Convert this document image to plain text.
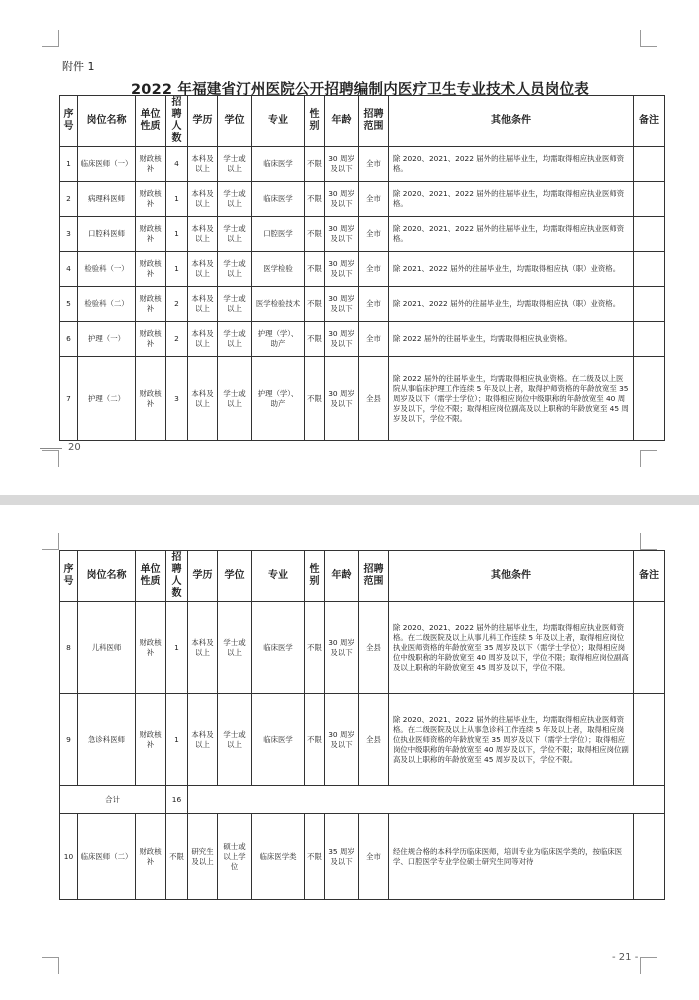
附件 1
2022 年福建省汀州医院公开招聘编制内医疗卫生专业技术人员岗位表
序号	岗位名称	单位性质	招聘人数	学历	学位	专业	性别	年龄	招聘范围	其他条件	备注
1	临床医师（一）	财政核补	4	本科及以上	学士或以上	临床医学	不限	30 周岁及以下	全市	除 2020、2021、2022 届外的往届毕业生，均需取得相应执业医师资格。	
2	病理科医师	财政核补	1	本科及以上	学士或以上	临床医学	不限	30 周岁及以下	全市	除 2020、2021、2022 届外的往届毕业生，均需取得相应执业医师资格。	
3	口腔科医师	财政核补	1	本科及以上	学士或以上	口腔医学	不限	30 周岁及以下	全市	除 2020、2021、2022 届外的往届毕业生，均需取得相应执业医师资格。	
4	检验科（一）	财政核补	1	本科及以上	学士或以上	医学检验	不限	30 周岁及以下	全市	除 2021、2022 届外的往届毕业生，均需取得相应执（职）业资格。	
5	检验科（二）	财政核补	2	本科及以上	学士或以上	医学检验技术	不限	30 周岁及以下	全市	除 2021、2022 届外的往届毕业生，均需取得相应执（职）业资格。	
6	护理（一）	财政核补	2	本科及以上	学士或以上	护理（学）、助产	不限	30 周岁及以下	全市	除 2022 届外的往届毕业生，均需取得相应执业资格。	
7	护理（二）	财政核补	3	本科及以上	学士或以上	护理（学）、助产	不限	30 周岁及以下	全县	除 2022 届外的往届毕业生，均需取得相应执业资格。在二级及以上医院从事临床护理工作连续 5 年及以上者，取得护师资格的年龄放宽至 35 周岁及以下（需学士学位）；取得相应岗位中级职称的年龄放宽至 40 周岁及以下，学位不限；取得相应岗位副高及以上职称的年龄放宽至 45 周岁及以下，学位不限。	
20
序号	岗位名称	单位性质	招聘人数	学历	学位	专业	性别	年龄	招聘范围	其他条件	备注
8	儿科医师	财政核补	1	本科及以上	学士或以上	临床医学	不限	30 周岁及以下	全县	除 2020、2021、2022 届外的往届毕业生，均需取得相应执业医师资格。在二级医院及以上从事儿科工作连续 5 年及以上者，取得相应岗位执业医师资格的年龄放宽至 35 周岁及以下（需学士学位）；取得相应岗位中级职称的年龄放宽至 40 周岁及以下，学位不限；取得相应岗位副高及以上职称的年龄放宽至 45 周岁及以下，学位不限。	
9	急诊科医师	财政核补	1	本科及以上	学士或以上	临床医学	不限	30 周岁及以下	全县	除 2020、2021、2022 届外的往届毕业生，均需取得相应执业医师资格。在二级医院及以上从事急诊科工作连续 5 年及以上者，取得相应岗位执业医师资格的年龄放宽至 35 周岁及以下（需学士学位）；取得相应岗位中级职称的年龄放宽至 40 周岁及以下，学位不限；取得相应岗位副高及以上职称的年龄放宽至 45 周岁及以下，学位不限。	
合计			16								
10	临床医师（二）	财政核补	不限	研究生及以上	硕士或以上学位	临床医学类	不限	35 周岁及以下	全市	经住规合格的本科学历临床医师，培训专业为临床医学类的，按临床医学、口腔医学专业学位硕士研究生同等对待	
- 21 -
